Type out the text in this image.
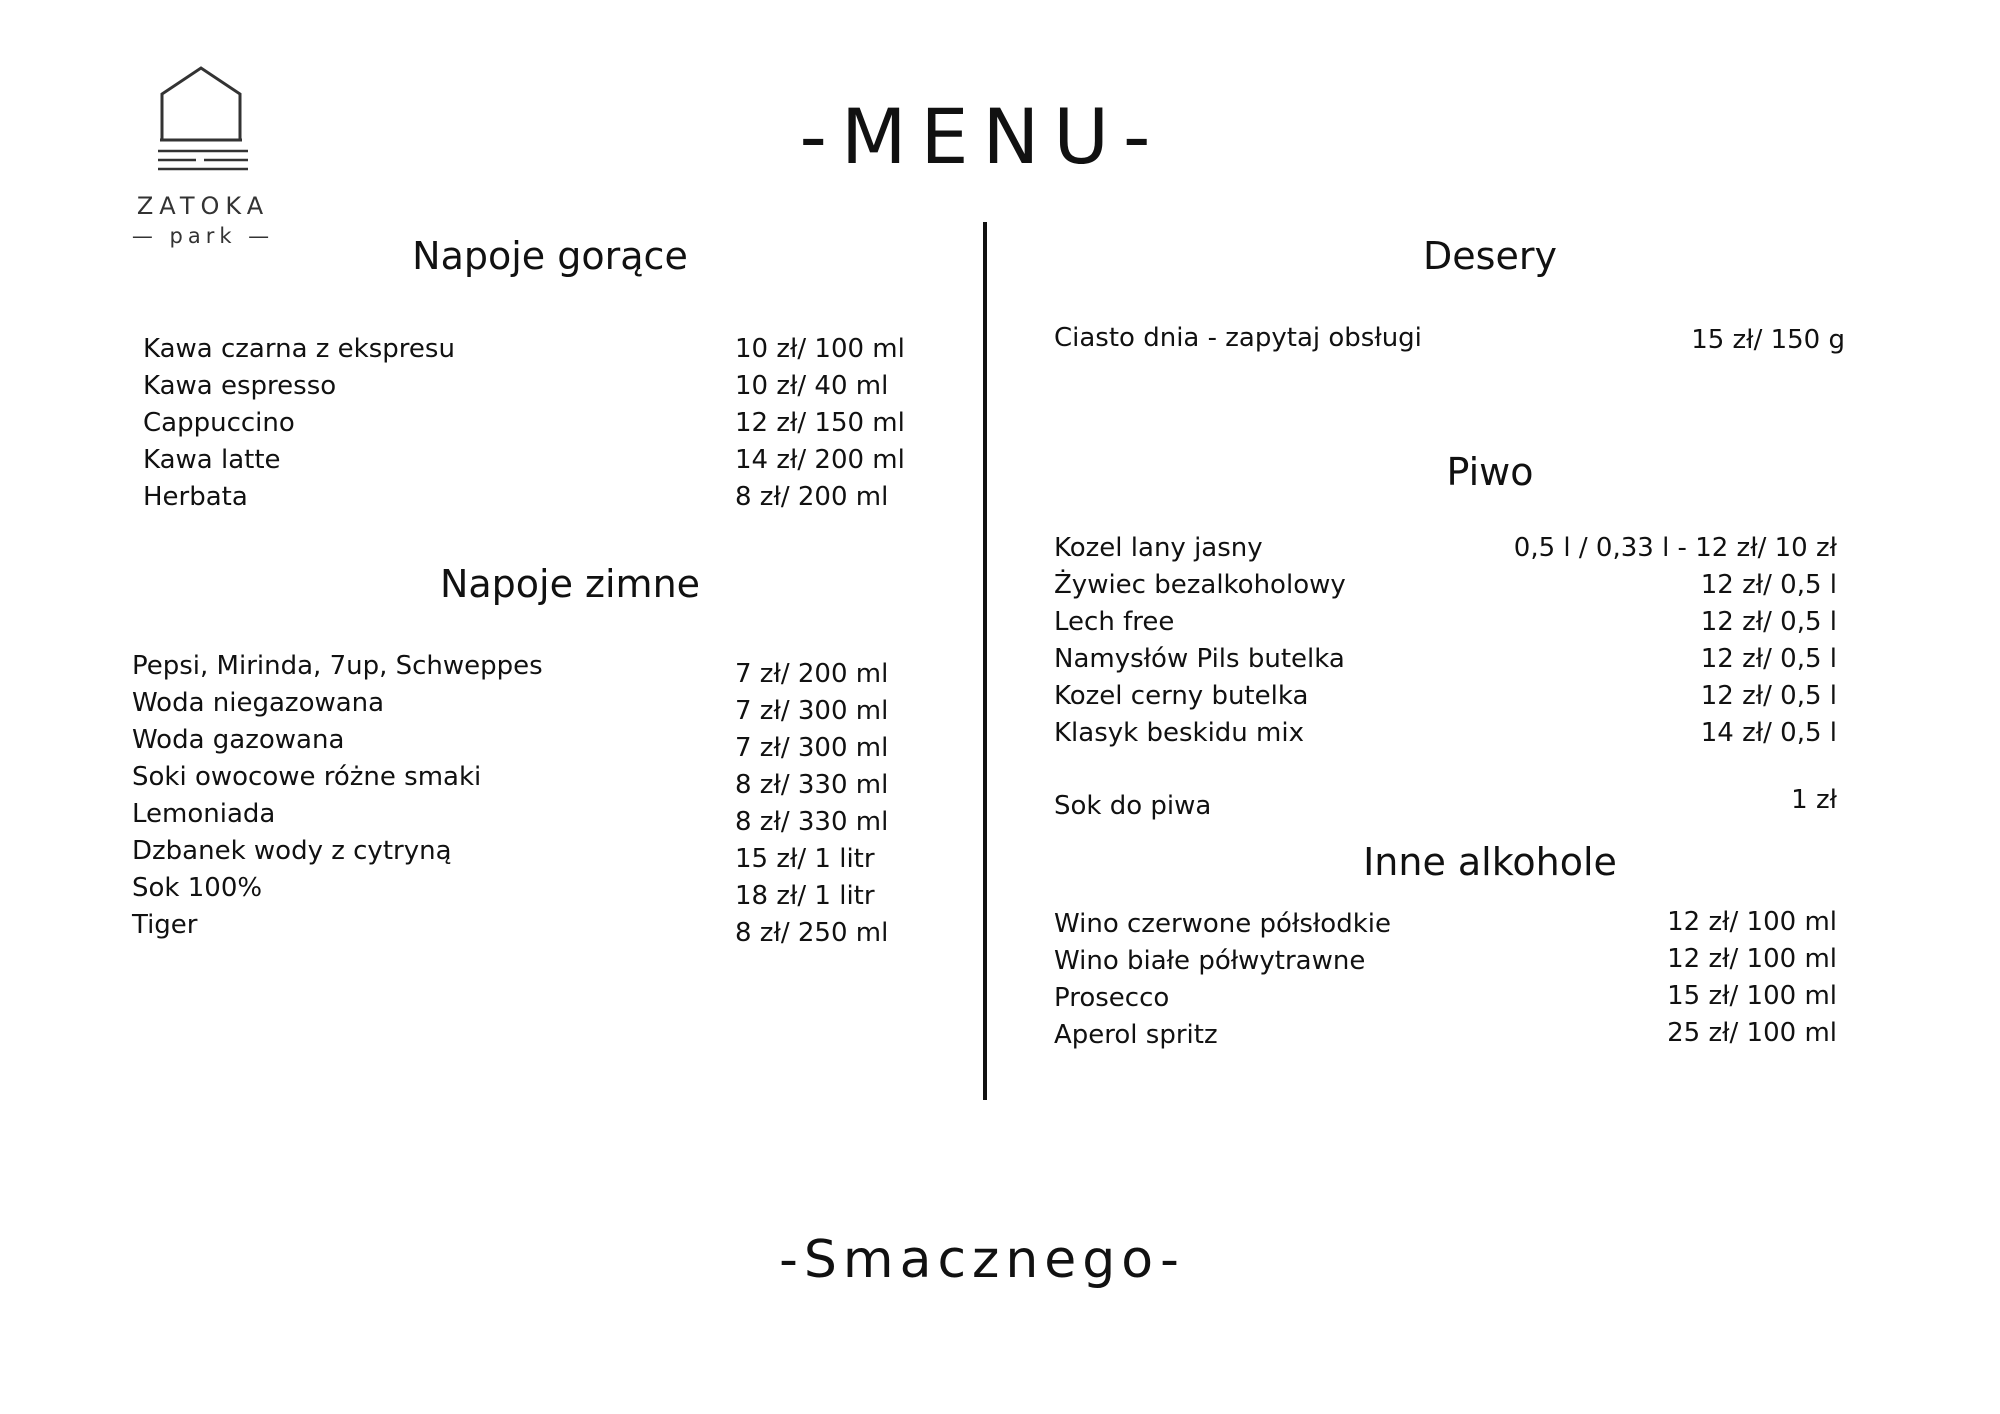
ZATOKA
— park —
-MENU-
Napoje gorące
Kawa czarna z ekspresu
Kawa espresso
Cappuccino
Kawa latte
Herbata
10 zł/ 100 ml
10 zł/ 40 ml
12 zł/ 150 ml
14 zł/ 200 ml
8 zł/ 200 ml
Napoje zimne
Pepsi, Mirinda, 7up, Schweppes
Woda niegazowana
Woda gazowana
Soki owocowe różne smaki
Lemoniada
Dzbanek wody z cytryną
Sok 100%
Tiger
7 zł/ 200 ml
7 zł/ 300 ml
7 zł/ 300 ml
8 zł/ 330 ml
8 zł/ 330 ml
15 zł/ 1 litr
18 zł/ 1 litr
8 zł/ 250 ml
Desery
Ciasto dnia - zapytaj obsługi	15 zł/ 150 g
Piwo
Kozel lany jasny
Żywiec bezalkoholowy
Lech free
Namysłów Pils butelka
Kozel cerny butelka
Klasyk beskidu mix
0,5 l / 0,33 l - 12 zł/ 10 zł
12 zł/ 0,5 l
12 zł/ 0,5 l
12 zł/ 0,5 l
12 zł/ 0,5 l
14 zł/ 0,5 l
Sok do piwa	1 zł
Inne alkohole
Wino czerwone półsłodkie
Wino białe półwytrawne
Prosecco
Aperol spritz
12 zł/ 100 ml
12 zł/ 100 ml
15 zł/ 100 ml
25 zł/ 100 ml
-Smacznego-
